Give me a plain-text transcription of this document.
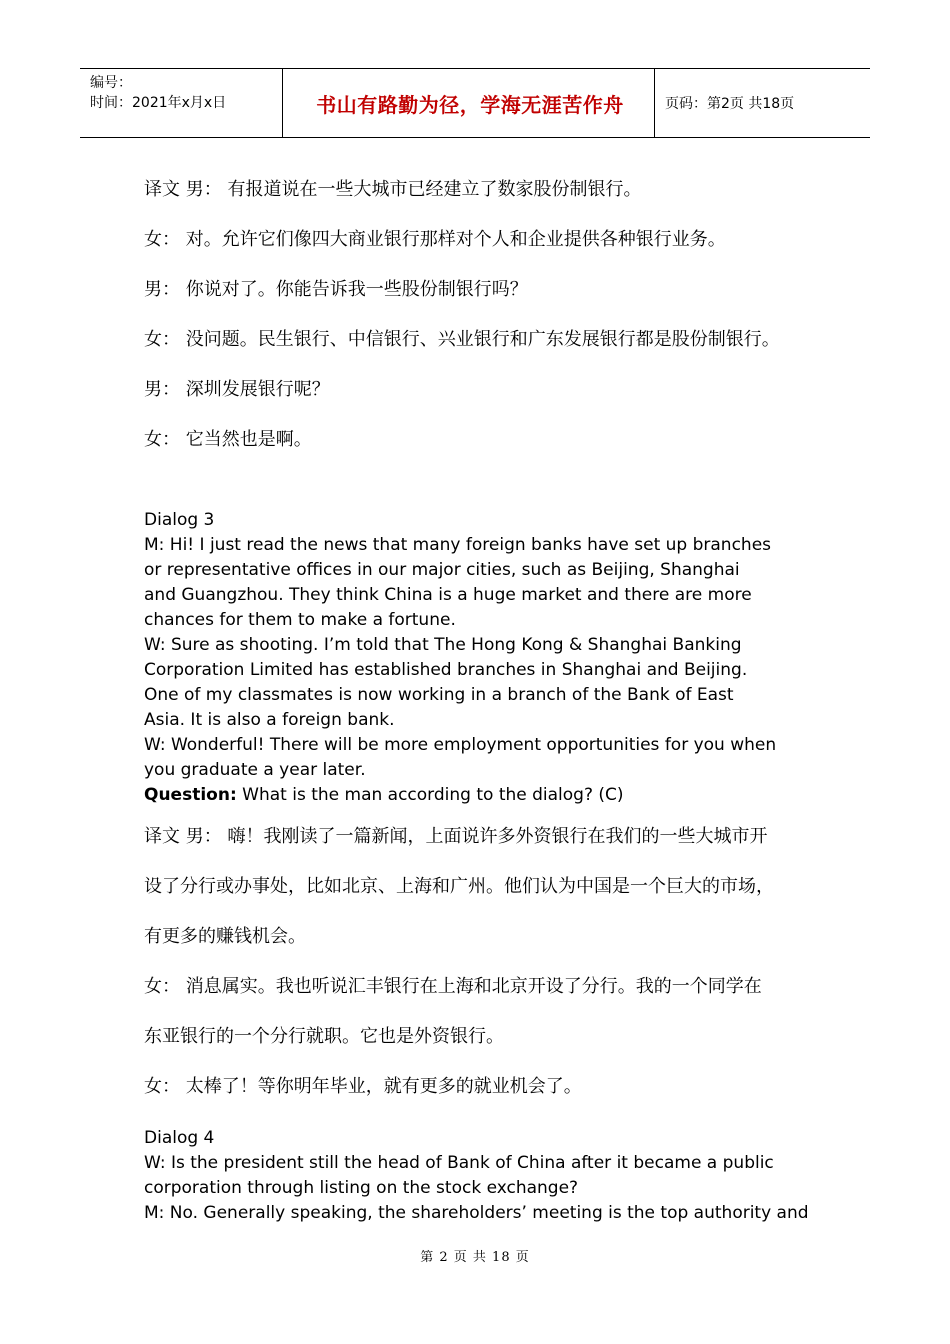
编号：
时间：2021年x月x日	书山有路勤为径，学海无涯苦作舟	页码：第2页 共18页
译文 男： 有报道说在一些大城市已经建立了数家股份制银行。
女： 对。允许它们像四大商业银行那样对个人和企业提供各种银行业务。
男： 你说对了。你能告诉我一些股份制银行吗？
女： 没问题。民生银行、中信银行、兴业银行和广东发展银行都是股份制银行。
男： 深圳发展银行呢？
女： 它当然也是啊。
Dialog 3
M: Hi! I just read the news that many foreign banks have set up branches
or representative offices in our major cities, such as Beijing, Shanghai
and Guangzhou. They think China is a huge market and there are more
chances for them to make a fortune.
W: Sure as shooting. I’m told that The Hong Kong & Shanghai Banking
Corporation Limited has established branches in Shanghai and Beijing.
One of my classmates is now working in a branch of the Bank of East
Asia. It is also a foreign bank.
W: Wonderful! There will be more employment opportunities for you when
you graduate a year later.
Question: What is the man according to the dialog? (C)
译文 男： 嗨！我刚读了一篇新闻，上面说许多外资银行在我们的一些大城市开
设了分行或办事处，比如北京、上海和广州。他们认为中国是一个巨大的市场，
有更多的赚钱机会。
女： 消息属实。我也听说汇丰银行在上海和北京开设了分行。我的一个同学在
东亚银行的一个分行就职。它也是外资银行。
女： 太棒了！等你明年毕业，就有更多的就业机会了。
Dialog 4
W: Is the president still the head of Bank of China after it became a public
corporation through listing on the stock exchange?
M: No. Generally speaking, the shareholders’ meeting is the top authority and
第 2 页 共 18 页
